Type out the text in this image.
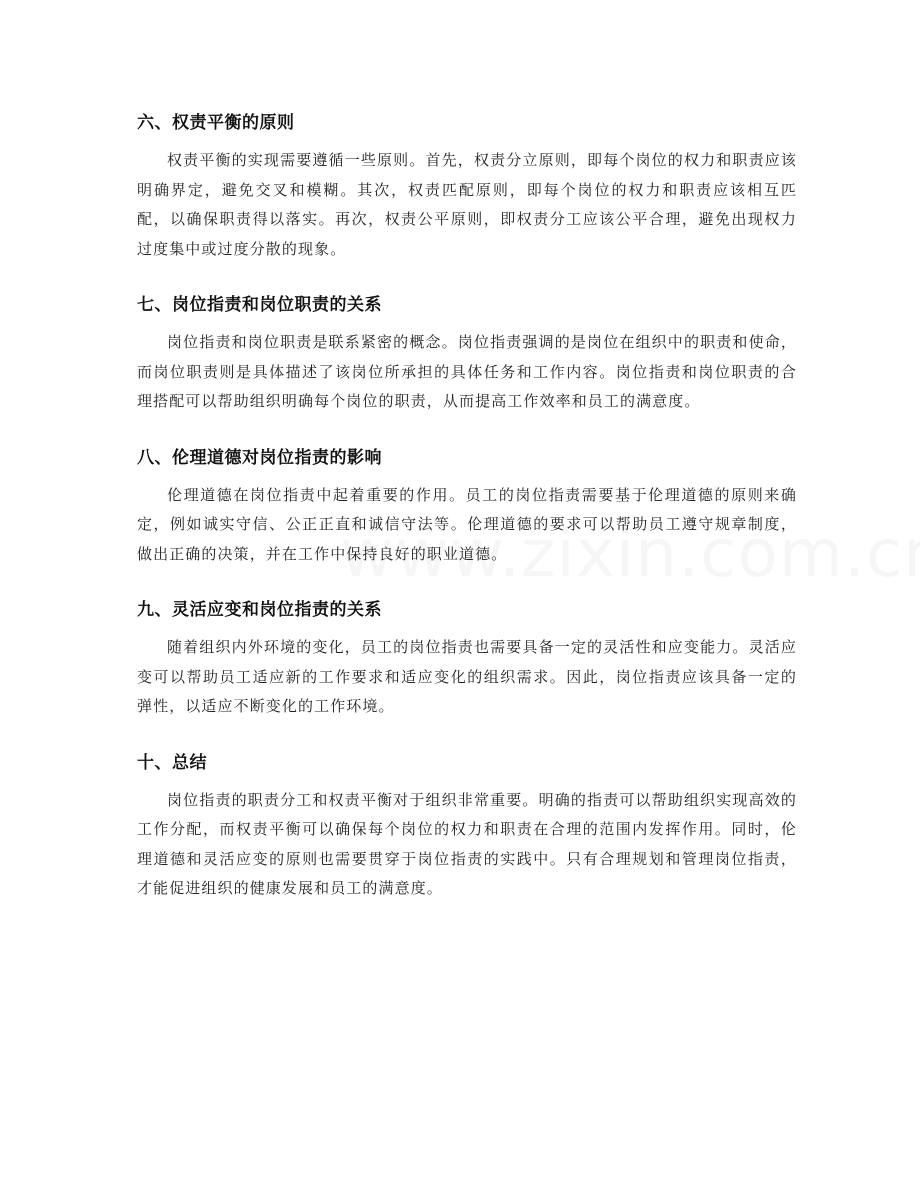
六、权责平衡的原则

权责平衡的实现需要遵循一些原则。首先，权责分立原则，即每个岗位的权力和职责应该明确界定，避免交叉和模糊。其次，权责匹配原则，即每个岗位的权力和职责应该相互匹配，以确保职责得以落实。再次，权责公平原则，即权责分工应该公平合理，避免出现权力过度集中或过度分散的现象。

七、岗位指责和岗位职责的关系

岗位指责和岗位职责是联系紧密的概念。岗位指责强调的是岗位在组织中的职责和使命，而岗位职责则是具体描述了该岗位所承担的具体任务和工作内容。岗位指责和岗位职责的合理搭配可以帮助组织明确每个岗位的职责，从而提高工作效率和员工的满意度。

八、伦理道德对岗位指责的影响

伦理道德在岗位指责中起着重要的作用。员工的岗位指责需要基于伦理道德的原则来确定，例如诚实守信、公正正直和诚信守法等。伦理道德的要求可以帮助员工遵守规章制度，做出正确的决策，并在工作中保持良好的职业道德。

九、灵活应变和岗位指责的关系

随着组织内外环境的变化，员工的岗位指责也需要具备一定的灵活性和应变能力。灵活应变可以帮助员工适应新的工作要求和适应变化的组织需求。因此，岗位指责应该具备一定的弹性，以适应不断变化的工作环境。

十、总结

岗位指责的职责分工和权责平衡对于组织非常重要。明确的指责可以帮助组织实现高效的工作分配，而权责平衡可以确保每个岗位的权力和职责在合理的范围内发挥作用。同时，伦理道德和灵活应变的原则也需要贯穿于岗位指责的实践中。只有合理规划和管理岗位指责，才能促进组织的健康发展和员工的满意度。
